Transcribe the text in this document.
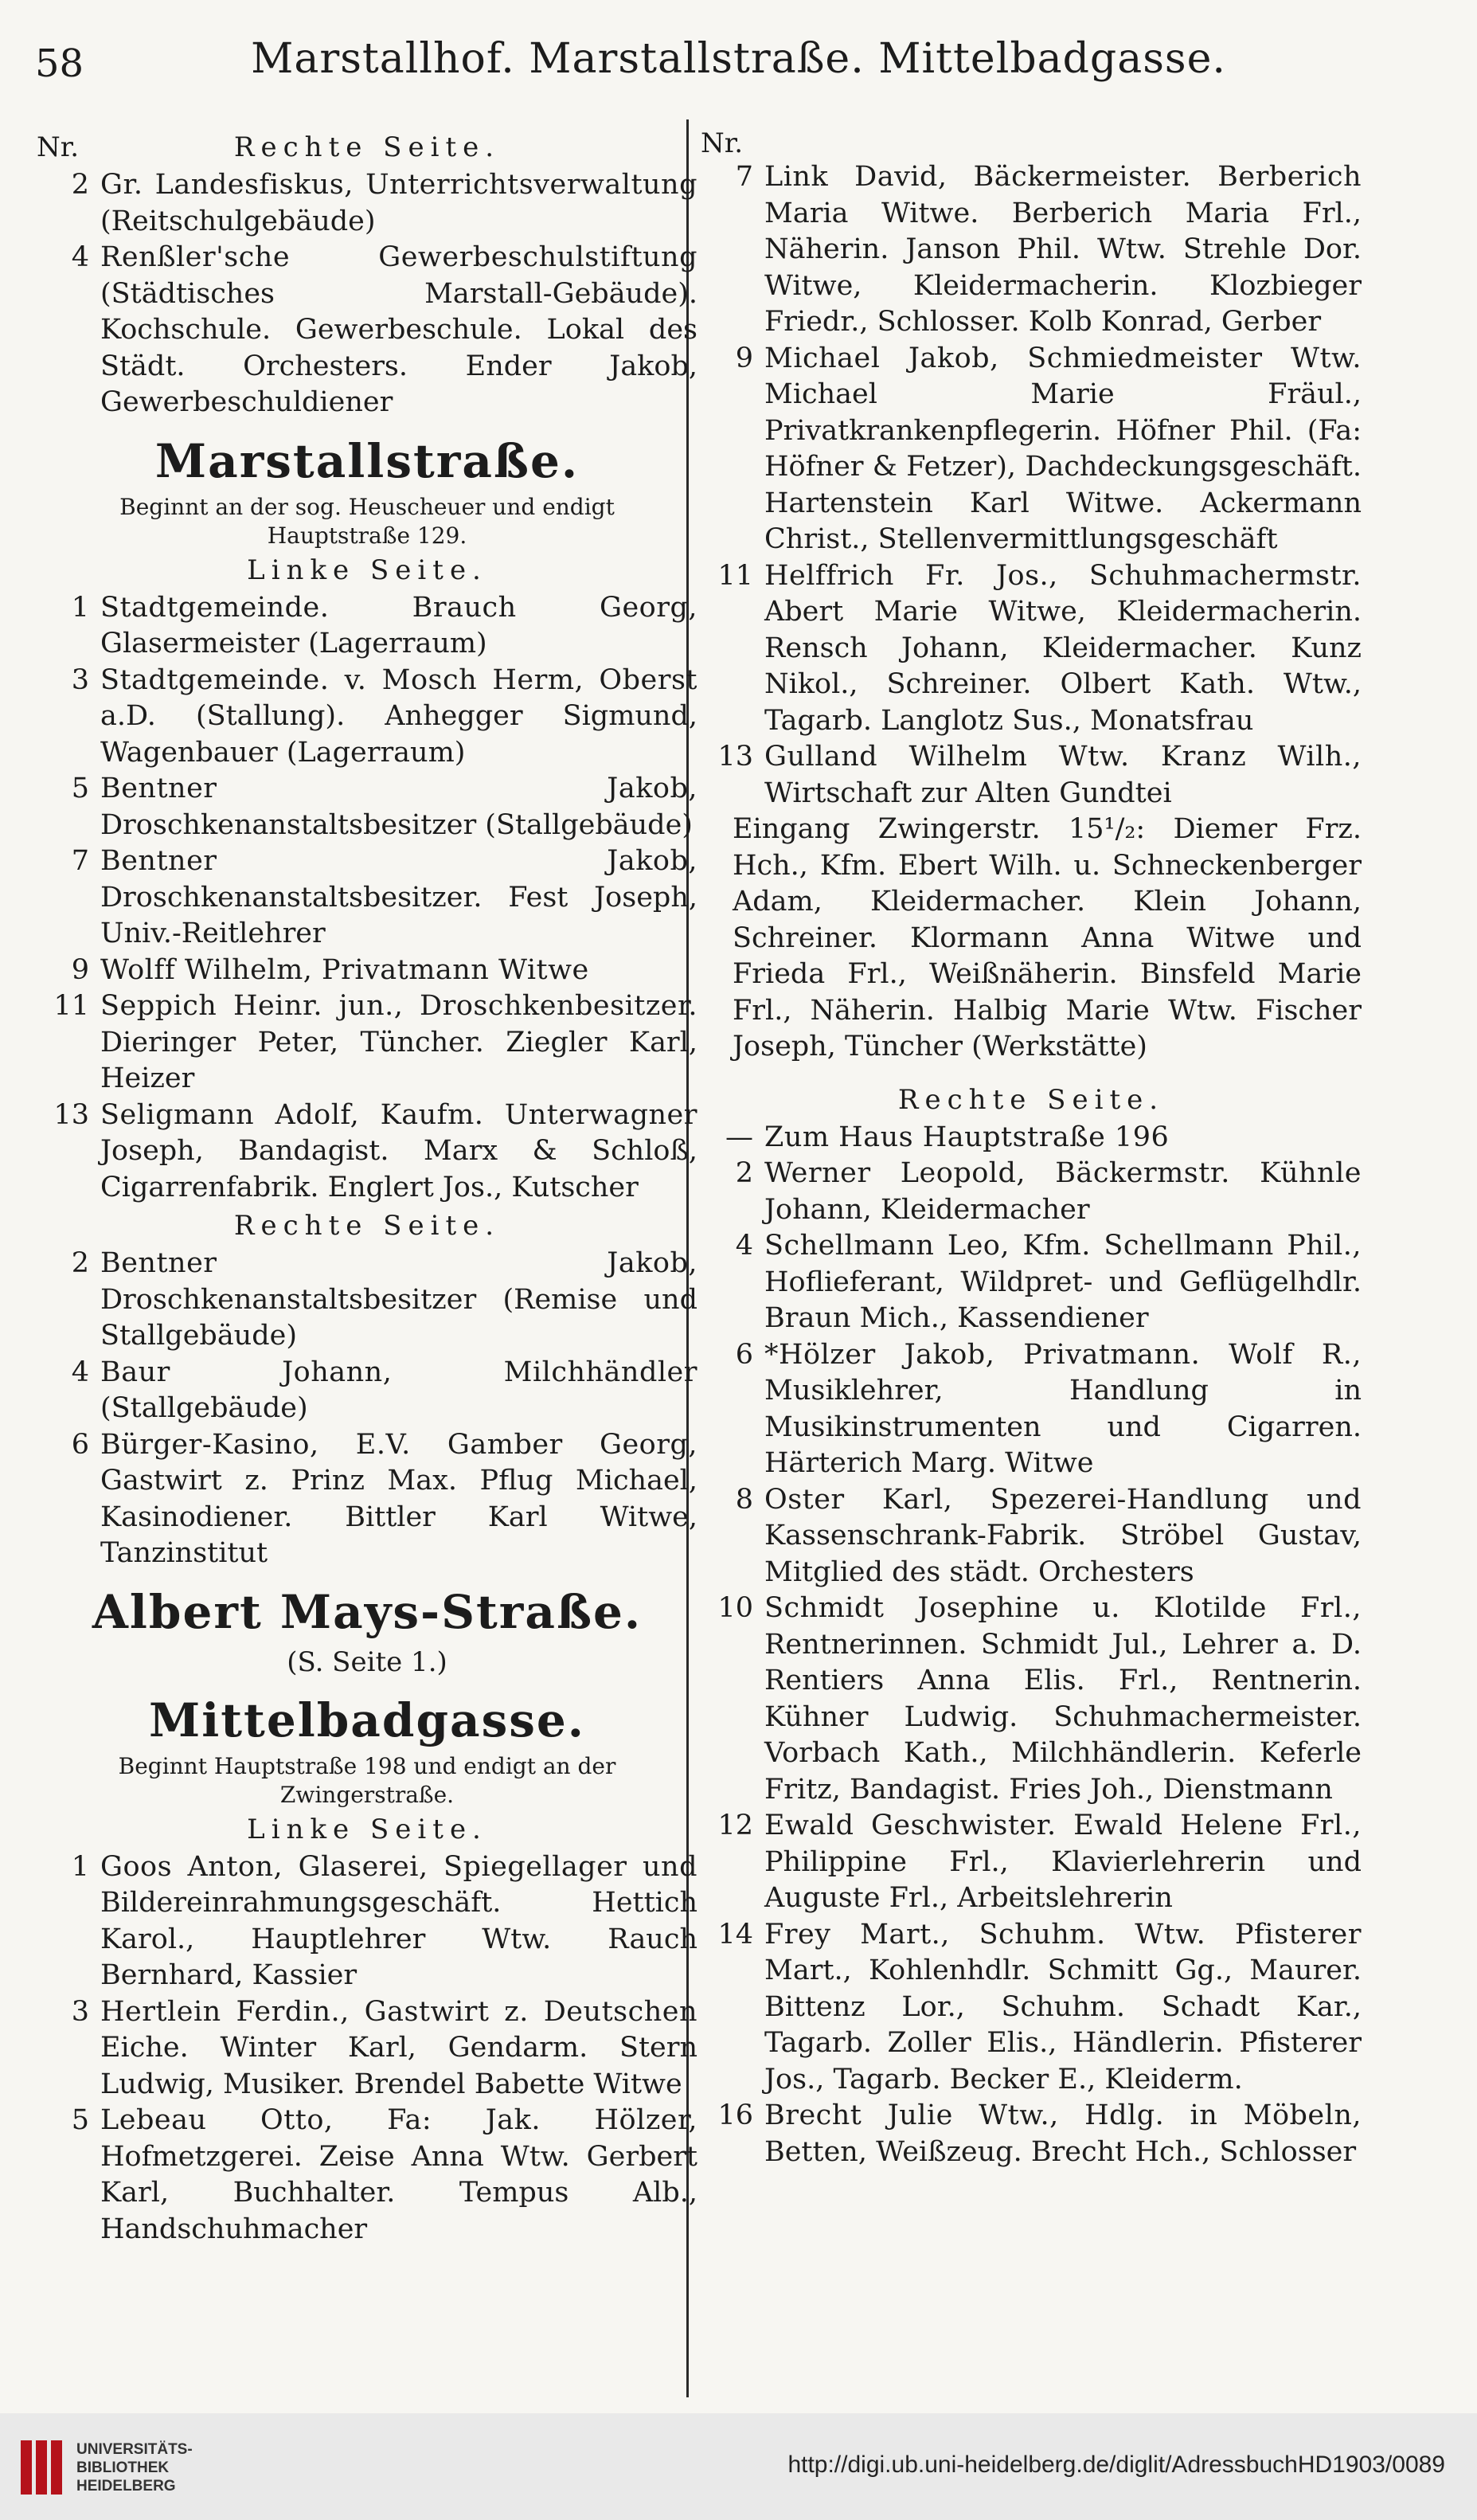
58	Marstallhof. Marstallstraße. Mittelbadgasse.
Nr.	Rechte Seite.
2 Gr. Landesfiskus, Unterrichtsverwaltung (Reitschulgebäude)
4 Renßler'sche Gewerbeschulstiftung (Städtisches Marstall-Gebäude). Kochschule. Gewerbeschule. Lokal des Städt. Orchesters. Ender Jakob, Gewerbeschuldiener
Marstallstraße.
Beginnt an der sog. Heuscheuer und endigt Hauptstraße 129.
Linke Seite.
1 Stadtgemeinde. Brauch Georg, Glasermeister (Lagerraum)
3 Stadtgemeinde. v. Mosch Herm, Oberst a.D. (Stallung). Anhegger Sigmund, Wagenbauer (Lagerraum)
5 Bentner Jakob, Droschkenanstaltsbesitzer (Stallgebäude)
7 Bentner Jakob, Droschkenanstaltsbesitzer. Fest Joseph, Univ.-Reitlehrer
9 Wolff Wilhelm, Privatmann Witwe
11 Seppich Heinr. jun., Droschkenbesitzer. Dieringer Peter, Tüncher. Ziegler Karl, Heizer
13 Seligmann Adolf, Kaufm. Unterwagner Joseph, Bandagist. Marx & Schloß, Cigarrenfabrik. Englert Jos., Kutscher
Rechte Seite.
2 Bentner Jakob, Droschkenanstaltsbesitzer (Remise und Stallgebäude)
4 Baur Johann, Milchhändler (Stallgebäude)
6 Bürger-Kasino, E.V. Gamber Georg, Gastwirt z. Prinz Max. Pflug Michael, Kasinodiener. Bittler Karl Witwe, Tanzinstitut
Albert Mays-Straße.
(S. Seite 1.)
Mittelbadgasse.
Beginnt Hauptstraße 198 und endigt an der Zwingerstraße.
Linke Seite.
1 Goos Anton, Glaserei, Spiegellager und Bildereinrahmungsgeschäft. Hettich Karol., Hauptlehrer Wtw. Rauch Bernhard, Kassier
3 Hertlein Ferdin., Gastwirt z. Deutschen Eiche. Winter Karl, Gendarm. Stern Ludwig, Musiker. Brendel Babette Witwe
5 Lebeau Otto, Fa: Jak. Hölzer, Hofmetzgerei. Zeise Anna Wtw. Gerbert Karl, Buchhalter. Tempus Alb., Handschuhmacher
Nr.
7 Link David, Bäckermeister. Berberich Maria Witwe. Berberich Maria Frl., Näherin. Janson Phil. Wtw. Strehle Dor. Witwe, Kleidermacherin. Klozbieger Friedr., Schlosser. Kolb Konrad, Gerber
9 Michael Jakob, Schmiedmeister Wtw. Michael Marie Fräul., Privatkrankenpflegerin. Höfner Phil. (Fa: Höfner & Fetzer), Dachdeckungsgeschäft. Hartenstein Karl Witwe. Ackermann Christ., Stellenvermittlungsgeschäft
11 Helffrich Fr. Jos., Schuhmachermstr. Abert Marie Witwe, Kleidermacherin. Rensch Johann, Kleidermacher. Kunz Nikol., Schreiner. Olbert Kath. Wtw., Tagarb. Langlotz Sus., Monatsfrau
13 Gulland Wilhelm Wtw. Kranz Wilh., Wirtschaft zur Alten Gundtei
Eingang Zwingerstr. 15¹/₂: Diemer Frz. Hch., Kfm. Ebert Wilh. u. Schneckenberger Adam, Kleidermacher. Klein Johann, Schreiner. Klormann Anna Witwe und Frieda Frl., Weißnäherin. Binsfeld Marie Frl., Näherin. Halbig Marie Wtw. Fischer Joseph, Tüncher (Werkstätte)
Rechte Seite.
— Zum Haus Hauptstraße 196
2 Werner Leopold, Bäckermstr. Kühnle Johann, Kleidermacher
4 Schellmann Leo, Kfm. Schellmann Phil., Hoflieferant, Wildpret- und Geflügelhdlr. Braun Mich., Kassendiener
6 *Hölzer Jakob, Privatmann. Wolf R., Musiklehrer, Handlung in Musikinstrumenten und Cigarren. Härterich Marg. Witwe
8 Oster Karl, Spezerei-Handlung und Kassenschrank-Fabrik. Ströbel Gustav, Mitglied des städt. Orchesters
10 Schmidt Josephine u. Klotilde Frl., Rentnerinnen. Schmidt Jul., Lehrer a. D. Rentiers Anna Elis. Frl., Rentnerin. Kühner Ludwig. Schuhmachermeister. Vorbach Kath., Milchhändlerin. Keferle Fritz, Bandagist. Fries Joh., Dienstmann
12 Ewald Geschwister. Ewald Helene Frl., Philippine Frl., Klavierlehrerin und Auguste Frl., Arbeitslehrerin
14 Frey Mart., Schuhm. Wtw. Pfisterer Mart., Kohlenhdlr. Schmitt Gg., Maurer. Bittenz Lor., Schuhm. Schadt Kar., Tagarb. Zoller Elis., Händlerin. Pfisterer Jos., Tagarb. Becker E., Kleiderm.
16 Brecht Julie Wtw., Hdlg. in Möbeln, Betten, Weißzeug. Brecht Hch., Schlosser
UNIVERSITÄTS-
BIBLIOTHEK
HEIDELBERG
http://digi.ub.uni-heidelberg.de/diglit/AdressbuchHD1903/0089
